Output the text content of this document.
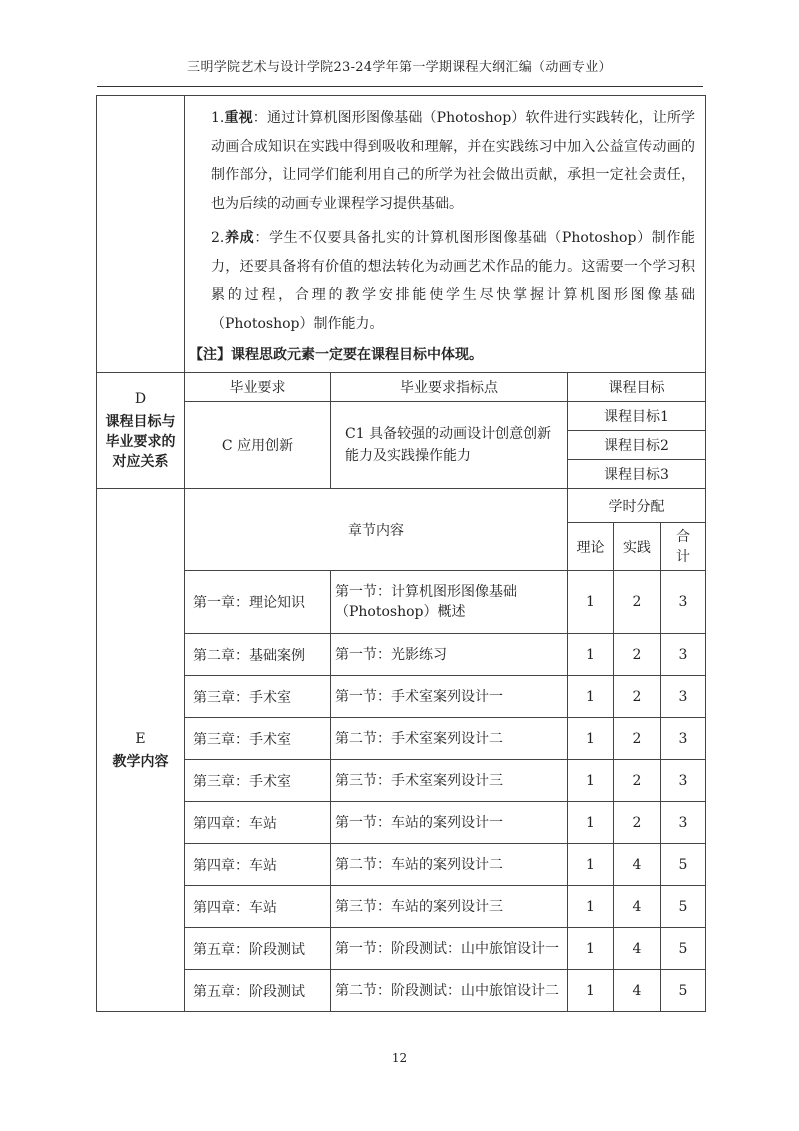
三明学院艺术与设计学院23-24学年第一学期课程大纲汇编（动画专业）

	1.重视：通过计算机图形图像基础（Photoshop）软件进行实践转化，让所学动画合成知识在实践中得到吸收和理解，并在实践练习中加入公益宣传动画的制作部分，让同学们能利用自己的所学为社会做出贡献，承担一定社会责任，也为后续的动画专业课程学习提供基础。
2.养成：学生不仅要具备扎实的计算机图形图像基础（Photoshop）制作能力，还要具备将有价值的想法转化为动画艺术作品的能力。这需要一个学习积累的过程，合理的教学安排能使学生尽快掌握计算机图形图像基础（Photoshop）制作能力。
【注】课程思政元素一定要在课程目标中体现。				

D
课程目标与
毕业要求的
对应关系	毕业要求	毕业要求指标点	课程目标		
	C 应用创新	C1 具备较强的动画设计创意创新能力及实践操作能力	课程目标1		
			课程目标2		
			课程目标3		

E
教学内容	章节内容		学时分配		
			理论	实践	合
计

	第一章：理论知识	第一节：计算机图形图像基础（Photoshop）概述	1	2	3
	第二章：基础案例	第一节：光影练习	1	2	3
	第三章：手术室	第一节：手术室案列设计一	1	2	3
	第三章：手术室	第二节：手术室案列设计二	1	2	3
	第三章：手术室	第三节：手术室案列设计三	1	2	3
	第四章：车站	第一节：车站的案列设计一	1	2	3
	第四章：车站	第二节：车站的案列设计二	1	4	5
	第四章：车站	第三节：车站的案列设计三	1	4	5
	第五章：阶段测试	第一节：阶段测试：山中旅馆设计一	1	4	5
	第五章：阶段测试	第二节：阶段测试：山中旅馆设计二	1	4	5
12
